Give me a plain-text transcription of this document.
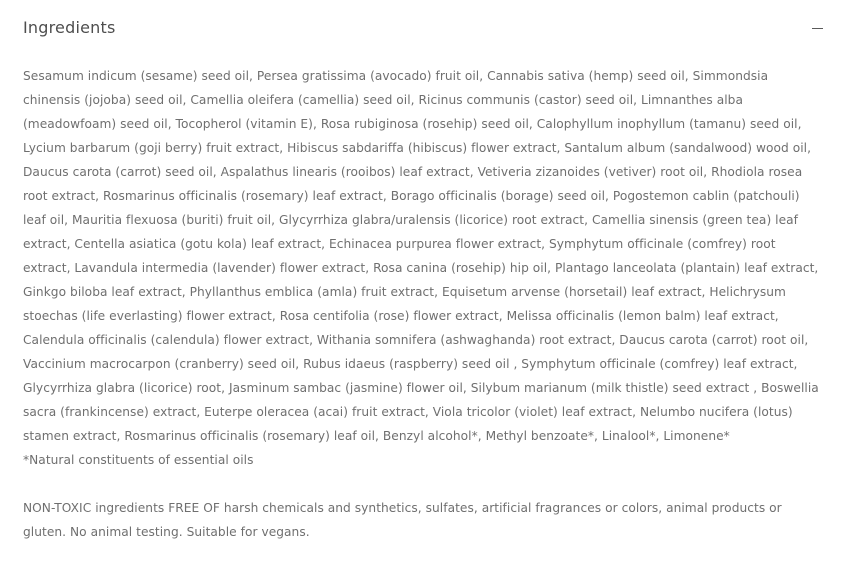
Ingredients

Sesamum indicum (sesame) seed oil, Persea gratissima (avocado) fruit oil, Cannabis sativa (hemp) seed oil, Simmondsia chinensis (jojoba) seed oil, Camellia oleifera (camellia) seed oil, Ricinus communis (castor) seed oil, Limnanthes alba (meadowfoam) seed oil, Tocopherol (vitamin E), Rosa rubiginosa (rosehip) seed oil, Calophyllum inophyllum (tamanu) seed oil, Lycium barbarum (goji berry) fruit extract, Hibiscus sabdariffa (hibiscus) flower extract, Santalum album (sandalwood) wood oil, Daucus carota (carrot) seed oil, Aspalathus linearis (rooibos) leaf extract, Vetiveria zizanoides (vetiver) root oil, Rhodiola rosea root extract, Rosmarinus officinalis (rosemary) leaf extract, Borago officinalis (borage) seed oil, Pogostemon cablin (patchouli) leaf oil, Mauritia flexuosa (buriti) fruit oil, Glycyrrhiza glabra/uralensis (licorice) root extract, Camellia sinensis (green tea) leaf extract, Centella asiatica (gotu kola) leaf extract, Echinacea purpurea flower extract, Symphytum officinale (comfrey) root extract, Lavandula intermedia (lavender) flower extract, Rosa canina (rosehip) hip oil, Plantago lanceolata (plantain) leaf extract, Ginkgo biloba leaf extract, Phyllanthus emblica (amla) fruit extract, Equisetum arvense (horsetail) leaf extract, Helichrysum stoechas (life everlasting) flower extract, Rosa centifolia (rose) flower extract, Melissa officinalis (lemon balm) leaf extract, Calendula officinalis (calendula) flower extract, Withania somnifera (ashwaghanda) root extract, Daucus carota (carrot) root oil, Vaccinium macrocarpon (cranberry) seed oil, Rubus idaeus (raspberry) seed oil , Symphytum officinale (comfrey) leaf extract, Glycyrrhiza glabra (licorice) root, Jasminum sambac (jasmine) flower oil, Silybum marianum (milk thistle) seed extract , Boswellia sacra (frankincense) extract, Euterpe oleracea (acai) fruit extract, Viola tricolor (violet) leaf extract, Nelumbo nucifera (lotus) stamen extract, Rosmarinus officinalis (rosemary) leaf oil, Benzyl alcohol*, Methyl benzoate*, Linalool*, Limonene*

*Natural constituents of essential oils

NON-TOXIC ingredients FREE OF harsh chemicals and synthetics, sulfates, artificial fragrances or colors, animal products or gluten. No animal testing. Suitable for vegans.
